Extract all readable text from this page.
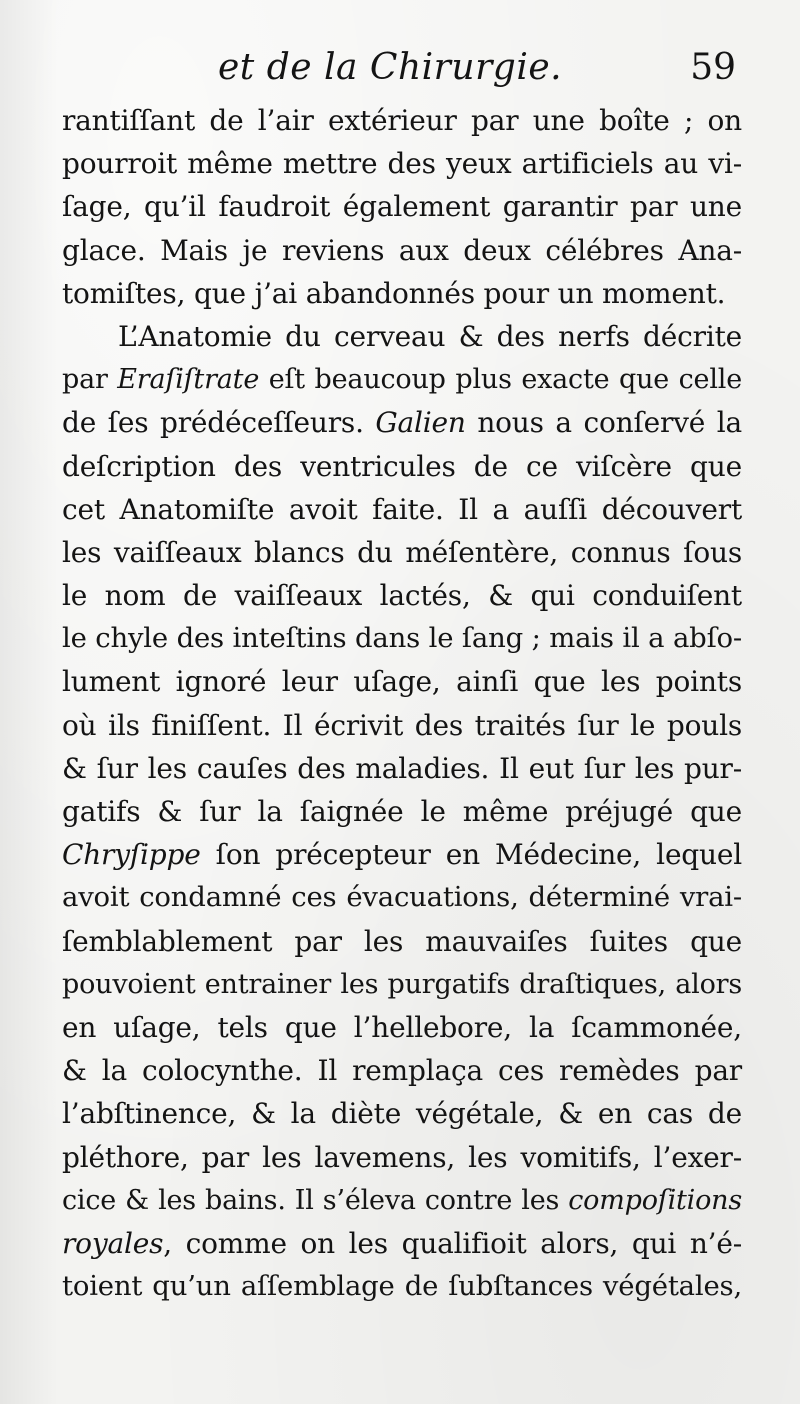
et de la Chirurgie.	59
rantiſſant de l’air extérieur par une boîte ; on
pourroit même mettre des yeux artificiels au vi-
ſage, qu’il faudroit également garantir par une
glace. Mais je reviens aux deux célébres Ana-
tomiſtes, que j’ai abandonnés pour un moment.
L’Anatomie du cerveau & des nerfs décrite
par Eraſiſtrate eſt beaucoup plus exacte que celle
de ſes prédéceſſeurs. Galien nous a conſervé la
deſcription des ventricules de ce viſcère que
cet Anatomiſte avoit faite. Il a auſſi découvert
les vaiſſeaux blancs du méſentère, connus ſous
le nom de vaiſſeaux lactés, & qui conduiſent
le chyle des inteſtins dans le ſang ; mais il a abſo-
lument ignoré leur uſage, ainſi que les points
où ils finiſſent. Il écrivit des traités ſur le pouls
& ſur les cauſes des maladies. Il eut ſur les pur-
gatifs & ſur la ſaignée le même préjugé que
Chryſippe ſon précepteur en Médecine, lequel
avoit condamné ces évacuations, déterminé vrai-
ſemblablement par les mauvaiſes ſuites que
pouvoient entrainer les purgatifs draſtiques, alors
en uſage, tels que l’hellebore, la ſcammonée,
& la colocynthe. Il remplaça ces remèdes par
l’abſtinence, & la diète végétale, & en cas de
pléthore, par les lavemens, les vomitifs, l’exer-
cice & les bains. Il s’éleva contre les compoſitions
royales, comme on les qualifioit alors, qui n’é-
toient qu’un aſſemblage de ſubſtances végétales,
